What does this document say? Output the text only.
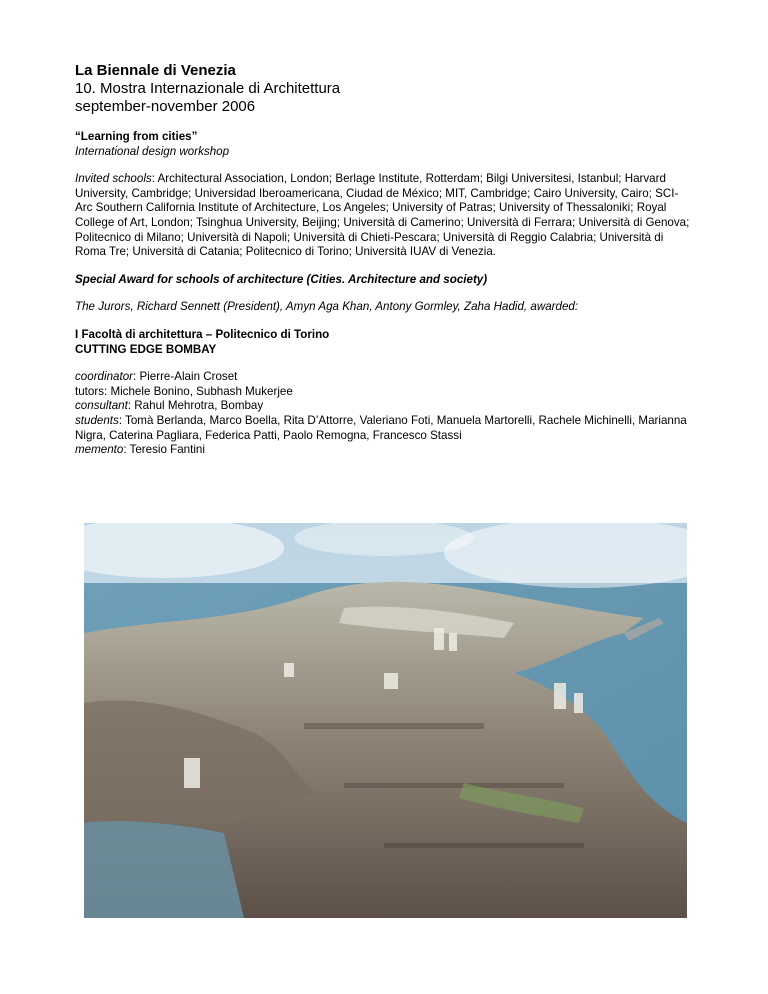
La Biennale di Venezia
10. Mostra Internazionale di Architettura
september-november 2006
“Learning from cities”
International design workshop
Invited schools: Architectural Association, London; Berlage Institute, Rotterdam; Bilgi Universitesi, Istanbul; Harvard University, Cambridge; Universidad Iberoamericana, Ciudad de México; MIT, Cambridge; Cairo University, Cairo; SCI-Arc Southern California Institute of Architecture, Los Angeles; University of Patras; University of Thessaloniki; Royal College of Art, London; Tsinghua University, Beijing; Università di Camerino; Università di Ferrara; Università di Genova; Politecnico di Milano; Università di Napoli; Università di Chieti-Pescara; Università di Reggio Calabria; Università di Roma Tre; Università di Catania; Politecnico di Torino; Università IUAV di Venezia.
Special Award for schools of architecture (Cities. Architecture and society)
The Jurors, Richard Sennett (President), Amyn Aga Khan, Antony Gormley, Zaha Hadid, awarded:
I Facoltà di architettura – Politecnico di Torino
CUTTING EDGE BOMBAY
coordinator: Pierre-Alain Croset
tutors: Michele Bonino, Subhash Mukerjee
consultant: Rahul Mehrotra, Bombay
students: Tomà Berlanda, Marco Boella, Rita D’Attorre, Valeriano Foti, Manuela Martorelli, Rachele Michinelli, Marianna Nigra, Caterina Pagliara, Federica Patti, Paolo Remogna, Francesco Stassi
memento: Teresio Fantini
